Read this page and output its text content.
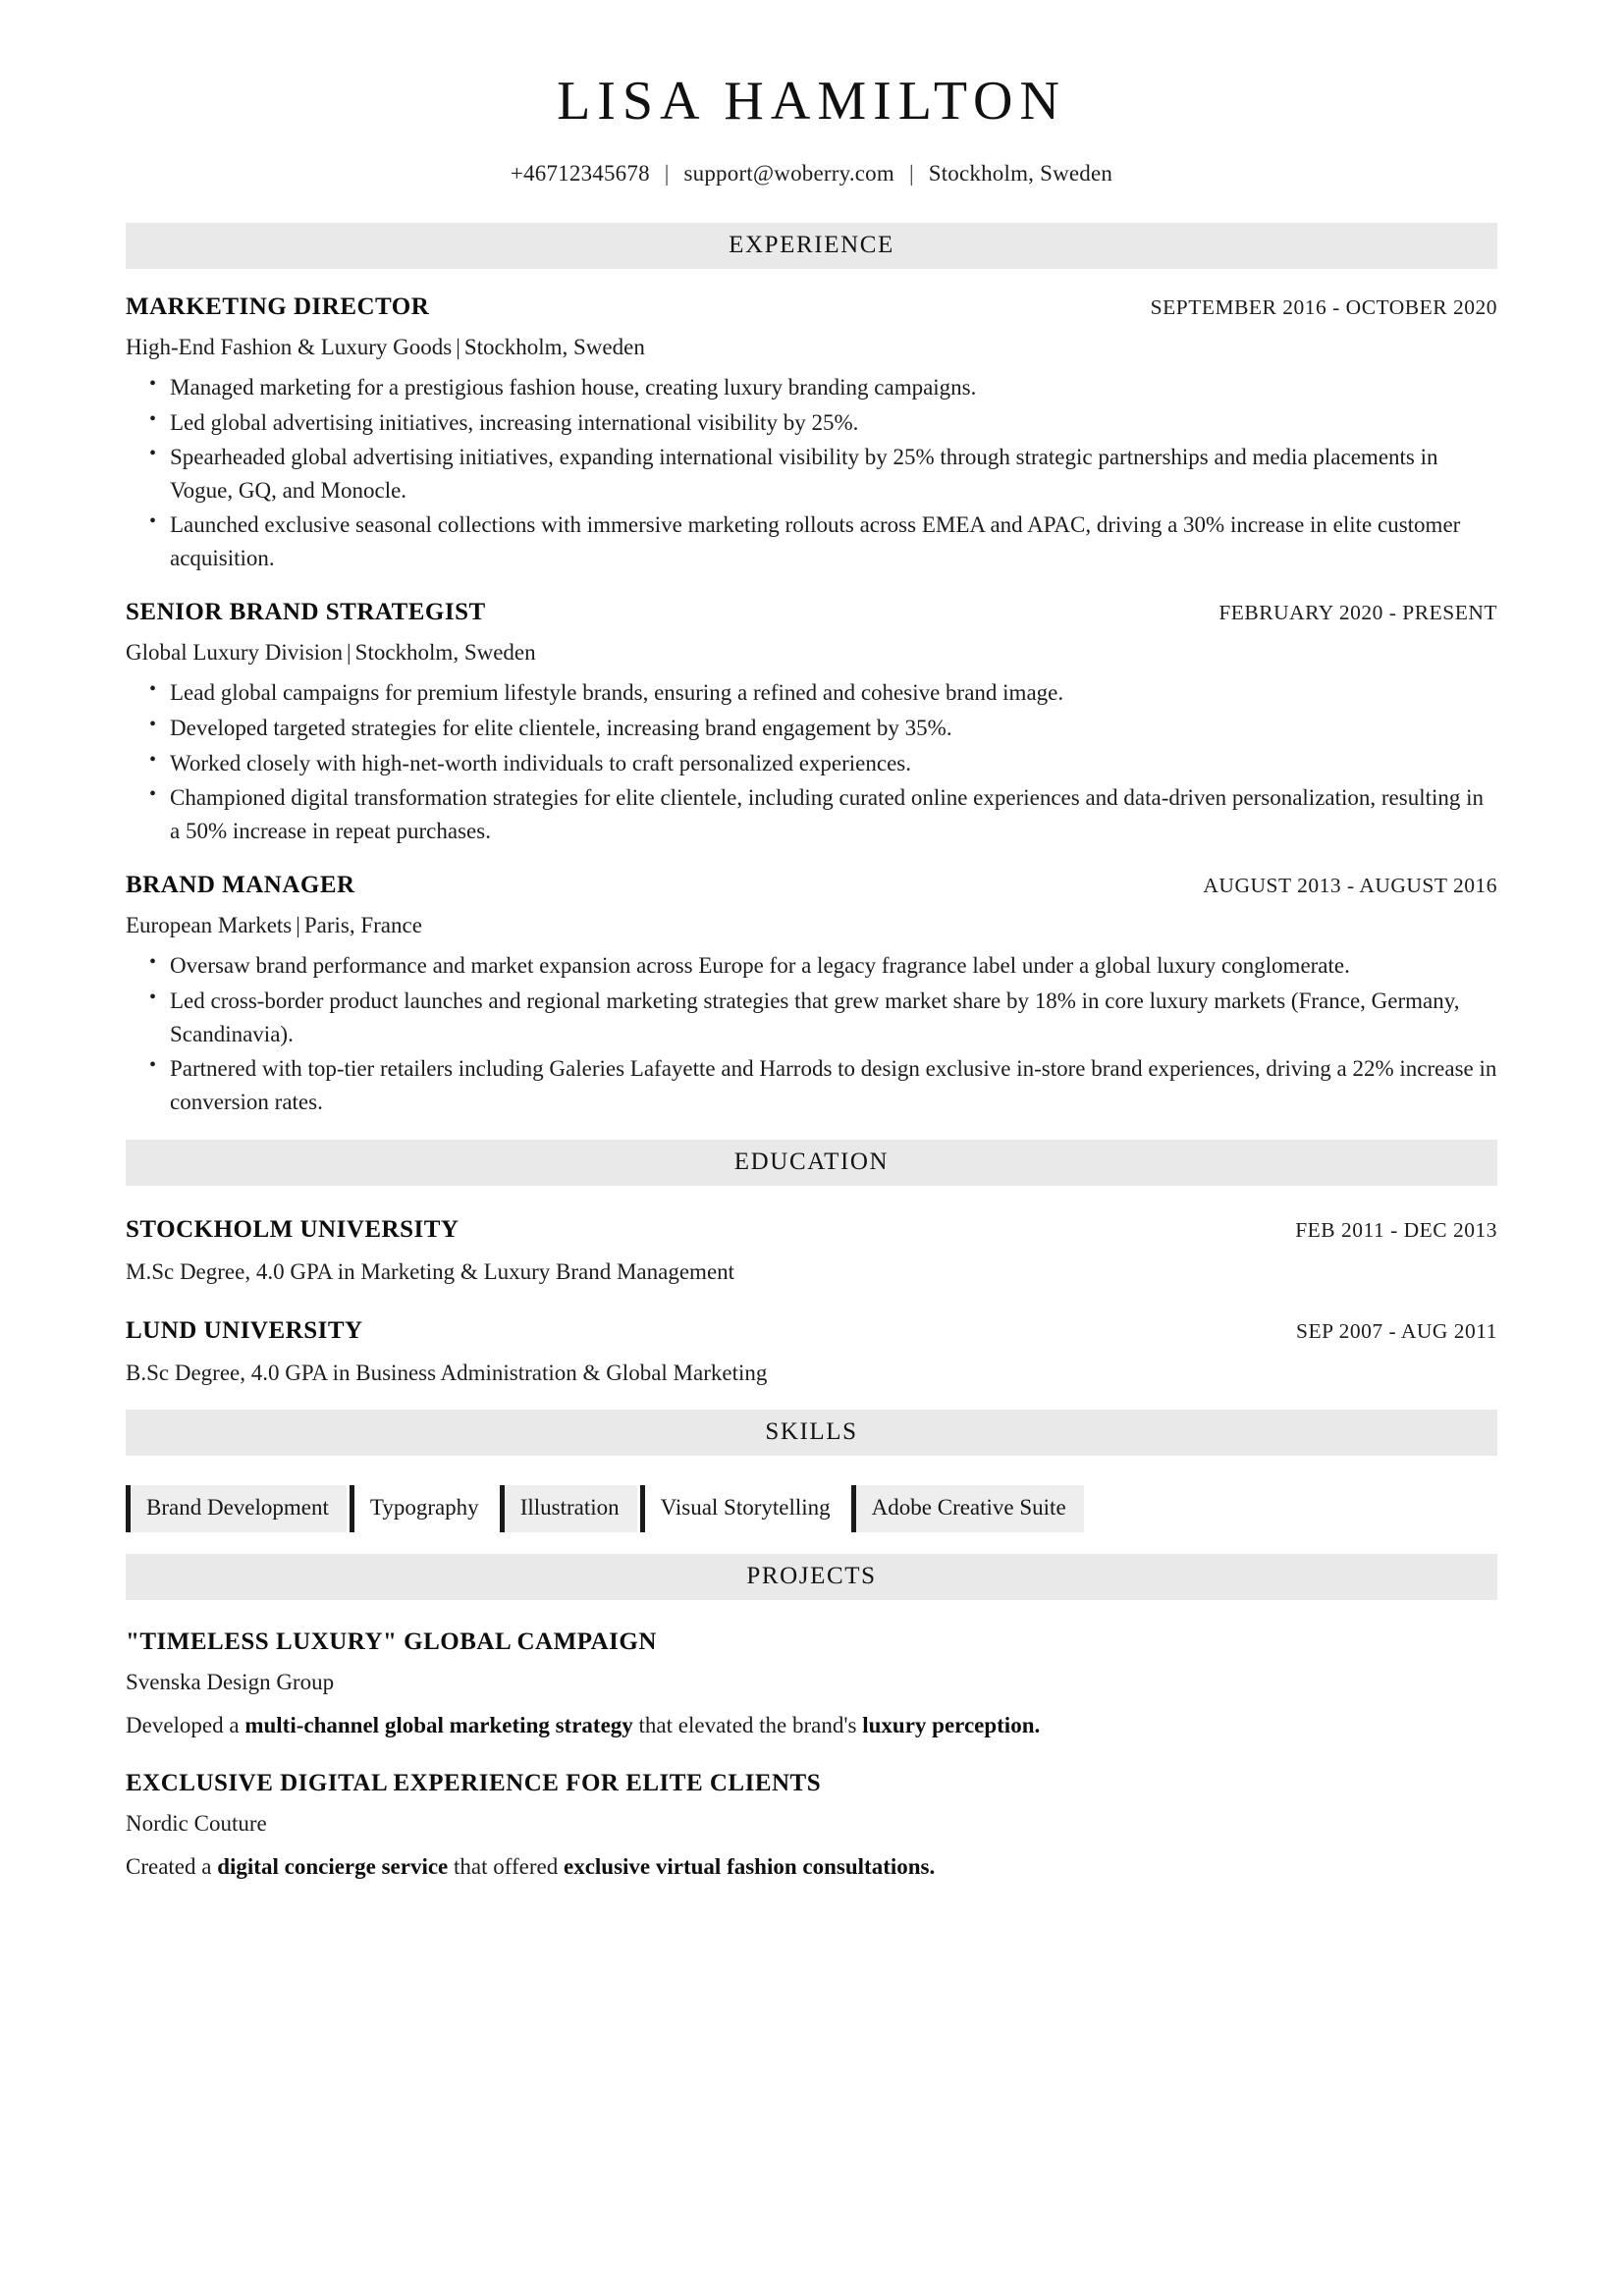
LISA HAMILTON
+46712345678 | support@woberry.com | Stockholm, Sweden
EXPERIENCE
MARKETING DIRECTOR	SEPTEMBER 2016 - OCTOBER 2020
High-End Fashion & Luxury Goods | Stockholm, Sweden
• Managed marketing for a prestigious fashion house, creating luxury branding campaigns.
• Led global advertising initiatives, increasing international visibility by 25%.
• Spearheaded global advertising initiatives, expanding international visibility by 25% through strategic partnerships and media placements in Vogue, GQ, and Monocle.
• Launched exclusive seasonal collections with immersive marketing rollouts across EMEA and APAC, driving a 30% increase in elite customer acquisition.
SENIOR BRAND STRATEGIST	FEBRUARY 2020 - PRESENT
Global Luxury Division | Stockholm, Sweden
• Lead global campaigns for premium lifestyle brands, ensuring a refined and cohesive brand image.
• Developed targeted strategies for elite clientele, increasing brand engagement by 35%.
• Worked closely with high-net-worth individuals to craft personalized experiences.
• Championed digital transformation strategies for elite clientele, including curated online experiences and data-driven personalization, resulting in a 50% increase in repeat purchases.
BRAND MANAGER	AUGUST 2013 - AUGUST 2016
European Markets | Paris, France
• Oversaw brand performance and market expansion across Europe for a legacy fragrance label under a global luxury conglomerate.
• Led cross-border product launches and regional marketing strategies that grew market share by 18% in core luxury markets (France, Germany, Scandinavia).
• Partnered with top-tier retailers including Galeries Lafayette and Harrods to design exclusive in-store brand experiences, driving a 22% increase in conversion rates.
EDUCATION
STOCKHOLM UNIVERSITY	FEB 2011 - DEC 2013
M.Sc Degree, 4.0 GPA in Marketing & Luxury Brand Management
LUND UNIVERSITY	SEP 2007 - AUG 2011
B.Sc Degree, 4.0 GPA in Business Administration & Global Marketing
SKILLS
Brand Development	Typography	Illustration	Visual Storytelling	Adobe Creative Suite
PROJECTS
"TIMELESS LUXURY" GLOBAL CAMPAIGN
Svenska Design Group
Developed a multi-channel global marketing strategy that elevated the brand's luxury perception.
EXCLUSIVE DIGITAL EXPERIENCE FOR ELITE CLIENTS
Nordic Couture
Created a digital concierge service that offered exclusive virtual fashion consultations.
